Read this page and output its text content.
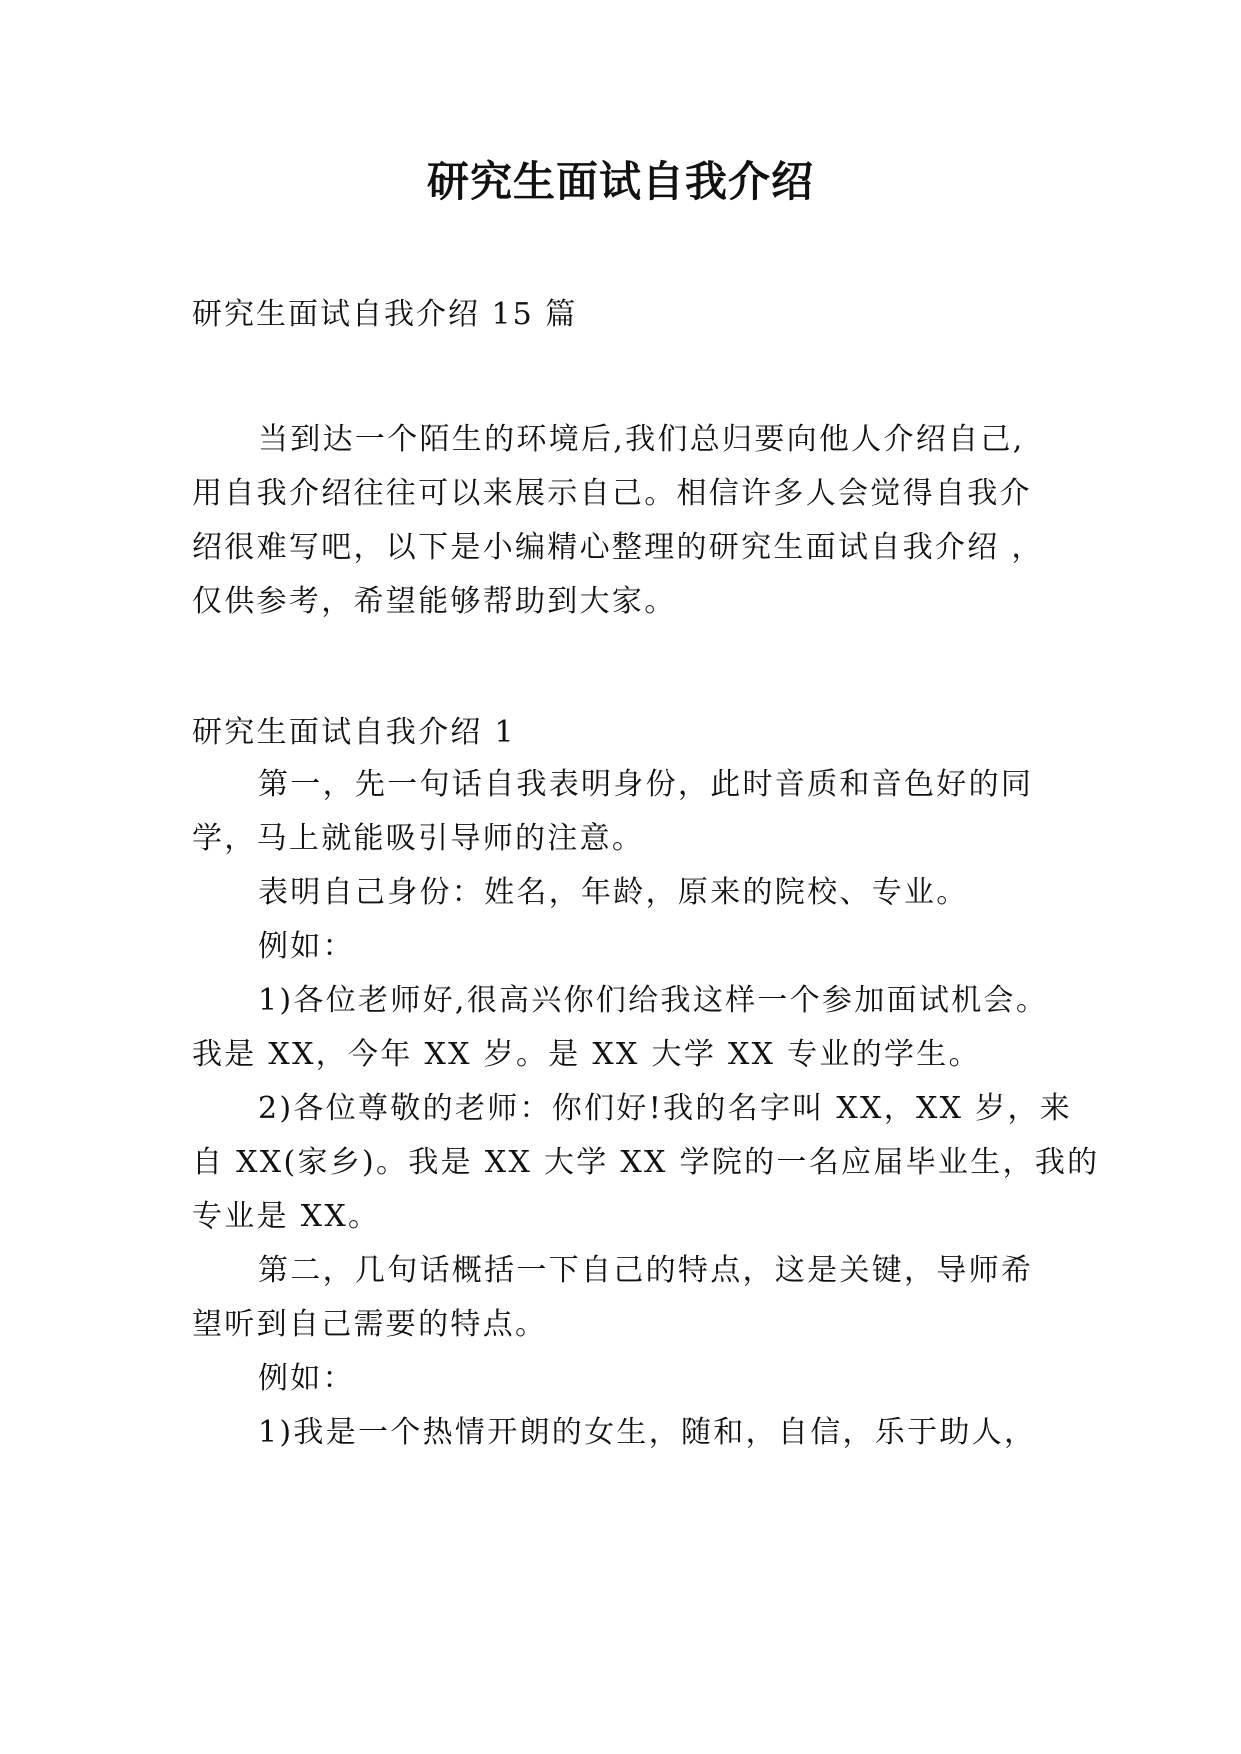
研究生面试自我介绍
研究生面试自我介绍 15 篇
当到达一个陌生的环境后,我们总归要向他人介绍自己,
用自我介绍往往可以来展示自己。相信许多人会觉得自我介
绍很难写吧，以下是小编精心整理的研究生面试自我介绍 ，
仅供参考，希望能够帮助到大家。
研究生面试自我介绍 1
第一，先一句话自我表明身份，此时音质和音色好的同
学，马上就能吸引导师的注意。
表明自己身份：姓名，年龄，原来的院校、专业。
例如：
1)各位老师好,很高兴你们给我这样一个参加面试机会。
我是 XX，今年 XX 岁。是 XX 大学 XX 专业的学生。
2)各位尊敬的老师：你们好!我的名字叫 XX，XX 岁，来
自 XX(家乡)。我是 XX 大学 XX 学院的一名应届毕业生，我的
专业是 XX。
第二，几句话概括一下自己的特点，这是关键，导师希
望听到自己需要的特点。
例如：
1)我是一个热情开朗的女生，随和，自信，乐于助人，
